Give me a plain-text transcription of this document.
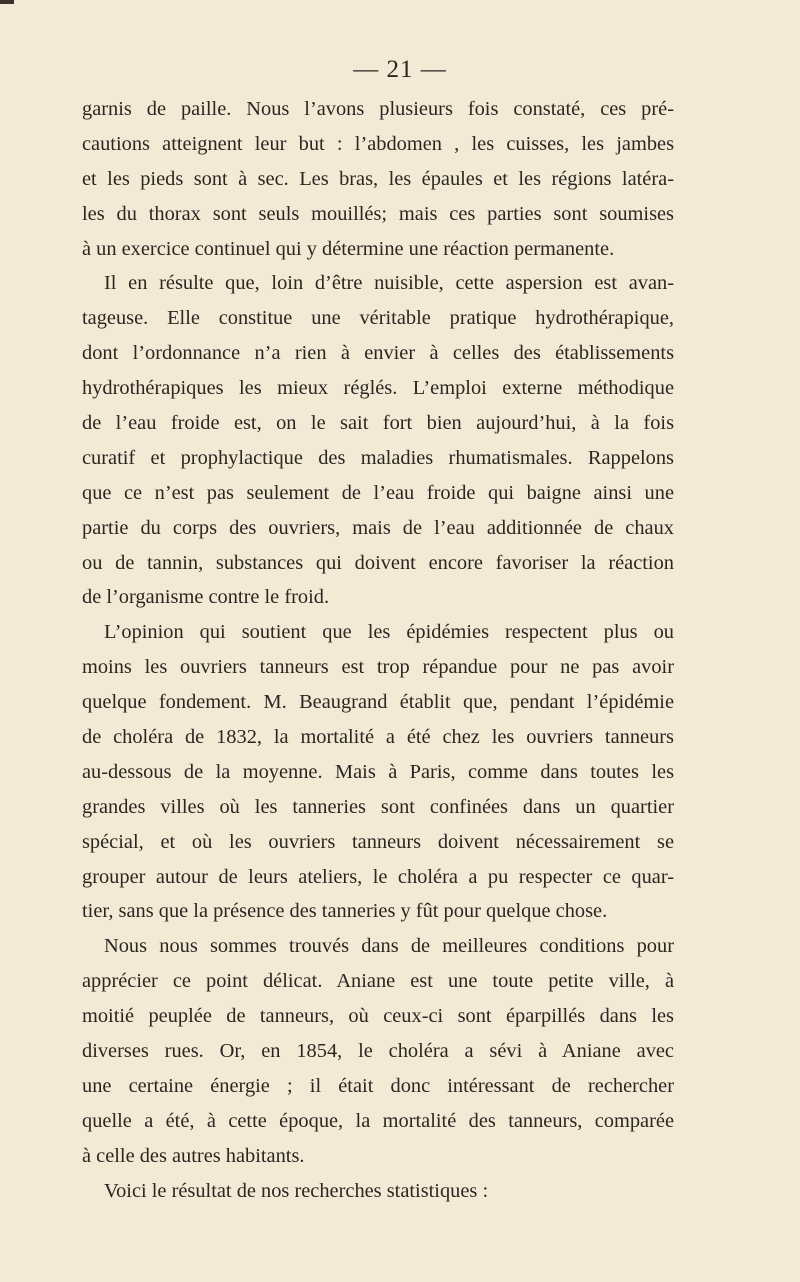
— 21 —
garnis de paille. Nous l’avons plusieurs fois constaté, ces pré-
cautions atteignent leur but : l’abdomen , les cuisses, les jambes
et les pieds sont à sec. Les bras, les épaules et les régions latéra-
les du thorax sont seuls mouillés; mais ces parties sont soumises
à un exercice continuel qui y détermine une réaction permanente.
Il en résulte que, loin d’être nuisible, cette aspersion est avan-
tageuse. Elle constitue une véritable pratique hydrothérapique,
dont l’ordonnance n’a rien à envier à celles des établissements
hydrothérapiques les mieux réglés. L’emploi externe méthodique
de l’eau froide est, on le sait fort bien aujourd’hui, à la fois
curatif et prophylactique des maladies rhumatismales. Rappelons
que ce n’est pas seulement de l’eau froide qui baigne ainsi une
partie du corps des ouvriers, mais de l’eau additionnée de chaux
ou de tannin, substances qui doivent encore favoriser la réaction
de l’organisme contre le froid.
L’opinion qui soutient que les épidémies respectent plus ou
moins les ouvriers tanneurs est trop répandue pour ne pas avoir
quelque fondement. M. Beaugrand établit que, pendant l’épidémie
de choléra de 1832, la mortalité a été chez les ouvriers tanneurs
au-dessous de la moyenne. Mais à Paris, comme dans toutes les
grandes villes où les tanneries sont confinées dans un quartier
spécial, et où les ouvriers tanneurs doivent nécessairement se
grouper autour de leurs ateliers, le choléra a pu respecter ce quar-
tier, sans que la présence des tanneries y fût pour quelque chose.
Nous nous sommes trouvés dans de meilleures conditions pour
apprécier ce point délicat. Aniane est une toute petite ville, à
moitié peuplée de tanneurs, où ceux-ci sont éparpillés dans les
diverses rues. Or, en 1854, le choléra a sévi à Aniane avec
une certaine énergie ; il était donc intéressant de rechercher
quelle a été, à cette époque, la mortalité des tanneurs, comparée
à celle des autres habitants.
Voici le résultat de nos recherches statistiques :
